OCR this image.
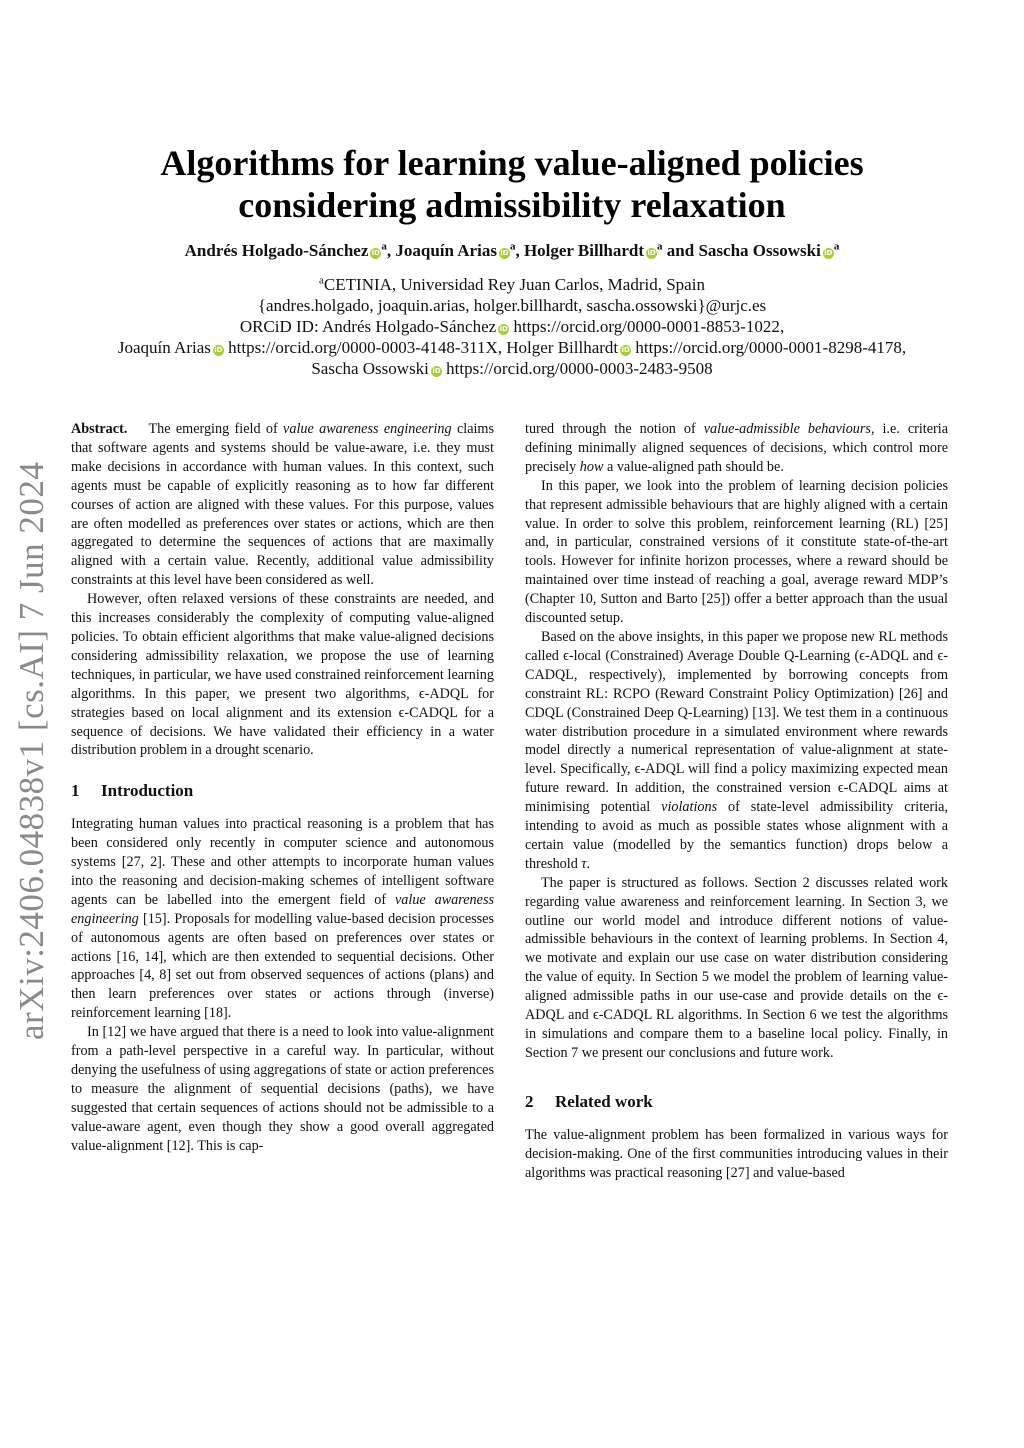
arXiv:2406.04838v1 [cs.AI] 7 Jun 2024
Algorithms for learning value-aligned policies
considering admissibility relaxation
Andrés Holgado-Sánchez $iD^a$, Joaquín Arias $iD^a$, Holger Billhardt $iD^a$ and Sascha Ossowski $iD^a$
$^a$CETINIA, Universidad Rey Juan Carlos, Madrid, Spain
{andres.holgado, joaquin.arias, holger.billhardt, sascha.ossowski}@urjc.es
ORCiD ID: Andrés Holgado-Sánchez iD https://orcid.org/0000-0001-8853-1022,
Joaquín Arias iD https://orcid.org/0000-0003-4148-311X, Holger Billhardt iD https://orcid.org/0000-0001-8298-4178,
Sascha Ossowski iD https://orcid.org/0000-0003-2483-9508

Abstract. The emerging field of value awareness engineering claims that software agents and systems should be value-aware, i.e. they must make decisions in accordance with human values. In this context, such agents must be capable of explicitly reasoning as to how far different courses of action are aligned with these values. For this purpose, values are often modelled as preferences over states or actions, which are then aggregated to determine the sequences of actions that are maximally aligned with a certain value. Recently, additional value admissibility constraints at this level have been considered as well.

However, often relaxed versions of these constraints are needed, and this increases considerably the complexity of computing value-aligned policies. To obtain efficient algorithms that make value-aligned decisions considering admissibility relaxation, we propose the use of learning techniques, in particular, we have used constrained reinforcement learning algorithms. In this paper, we present two algorithms, ϵ-ADQL for strategies based on local alignment and its extension ϵ-CADQL for a sequence of decisions. We have validated their efficiency in a water distribution problem in a drought scenario.

1 Introduction

Integrating human values into practical reasoning is a problem that has been considered only recently in computer science and autonomous systems [27, 2]. These and other attempts to incorporate human values into the reasoning and decision-making schemes of intelligent software agents can be labelled into the emergent field of value awareness engineering [15]. Proposals for modelling value-based decision processes of autonomous agents are often based on preferences over states or actions [16, 14], which are then extended to sequential decisions. Other approaches [4, 8] set out from observed sequences of actions (plans) and then learn preferences over states or actions through (inverse) reinforcement learning [18].

In [12] we have argued that there is a need to look into value-alignment from a path-level perspective in a careful way. In particular, without denying the usefulness of using aggregations of state or action preferences to measure the alignment of sequential decisions (paths), we have suggested that certain sequences of actions should not be admissible to a value-aware agent, even though they show a good overall aggregated value-alignment [12]. This is cap-

tured through the notion of value-admissible behaviours, i.e. criteria defining minimally aligned sequences of decisions, which control more precisely how a value-aligned path should be.

In this paper, we look into the problem of learning decision policies that represent admissible behaviours that are highly aligned with a certain value. In order to solve this problem, reinforcement learning (RL) [25] and, in particular, constrained versions of it constitute state-of-the-art tools. However for infinite horizon processes, where a reward should be maintained over time instead of reaching a goal, average reward MDP’s (Chapter 10, Sutton and Barto [25]) offer a better approach than the usual discounted setup.

Based on the above insights, in this paper we propose new RL methods called ϵ-local (Constrained) Average Double Q-Learning (ϵ-ADQL and ϵ-CADQL, respectively), implemented by borrowing concepts from constraint RL: RCPO (Reward Constraint Policy Optimization) [26] and CDQL (Constrained Deep Q-Learning) [13]. We test them in a continuous water distribution procedure in a simulated environment where rewards model directly a numerical representation of value-alignment at state-level. Specifically, ϵ-ADQL will find a policy maximizing expected mean future reward. In addition, the constrained version ϵ-CADQL aims at minimising potential violations of state-level admissibility criteria, intending to avoid as much as possible states whose alignment with a certain value (modelled by the semantics function) drops below a threshold τ.

The paper is structured as follows. Section 2 discusses related work regarding value awareness and reinforcement learning. In Section 3, we outline our world model and introduce different notions of value-admissible behaviours in the context of learning problems. In Section 4, we motivate and explain our use case on water distribution considering the value of equity. In Section 5 we model the problem of learning value-aligned admissible paths in our use-case and provide details on the ϵ-ADQL and ϵ-CADQL RL algorithms. In Section 6 we test the algorithms in simulations and compare them to a baseline local policy. Finally, in Section 7 we present our conclusions and future work.

2 Related work

The value-alignment problem has been formalized in various ways for decision-making. One of the first communities introducing values in their algorithms was practical reasoning [27] and value-based
